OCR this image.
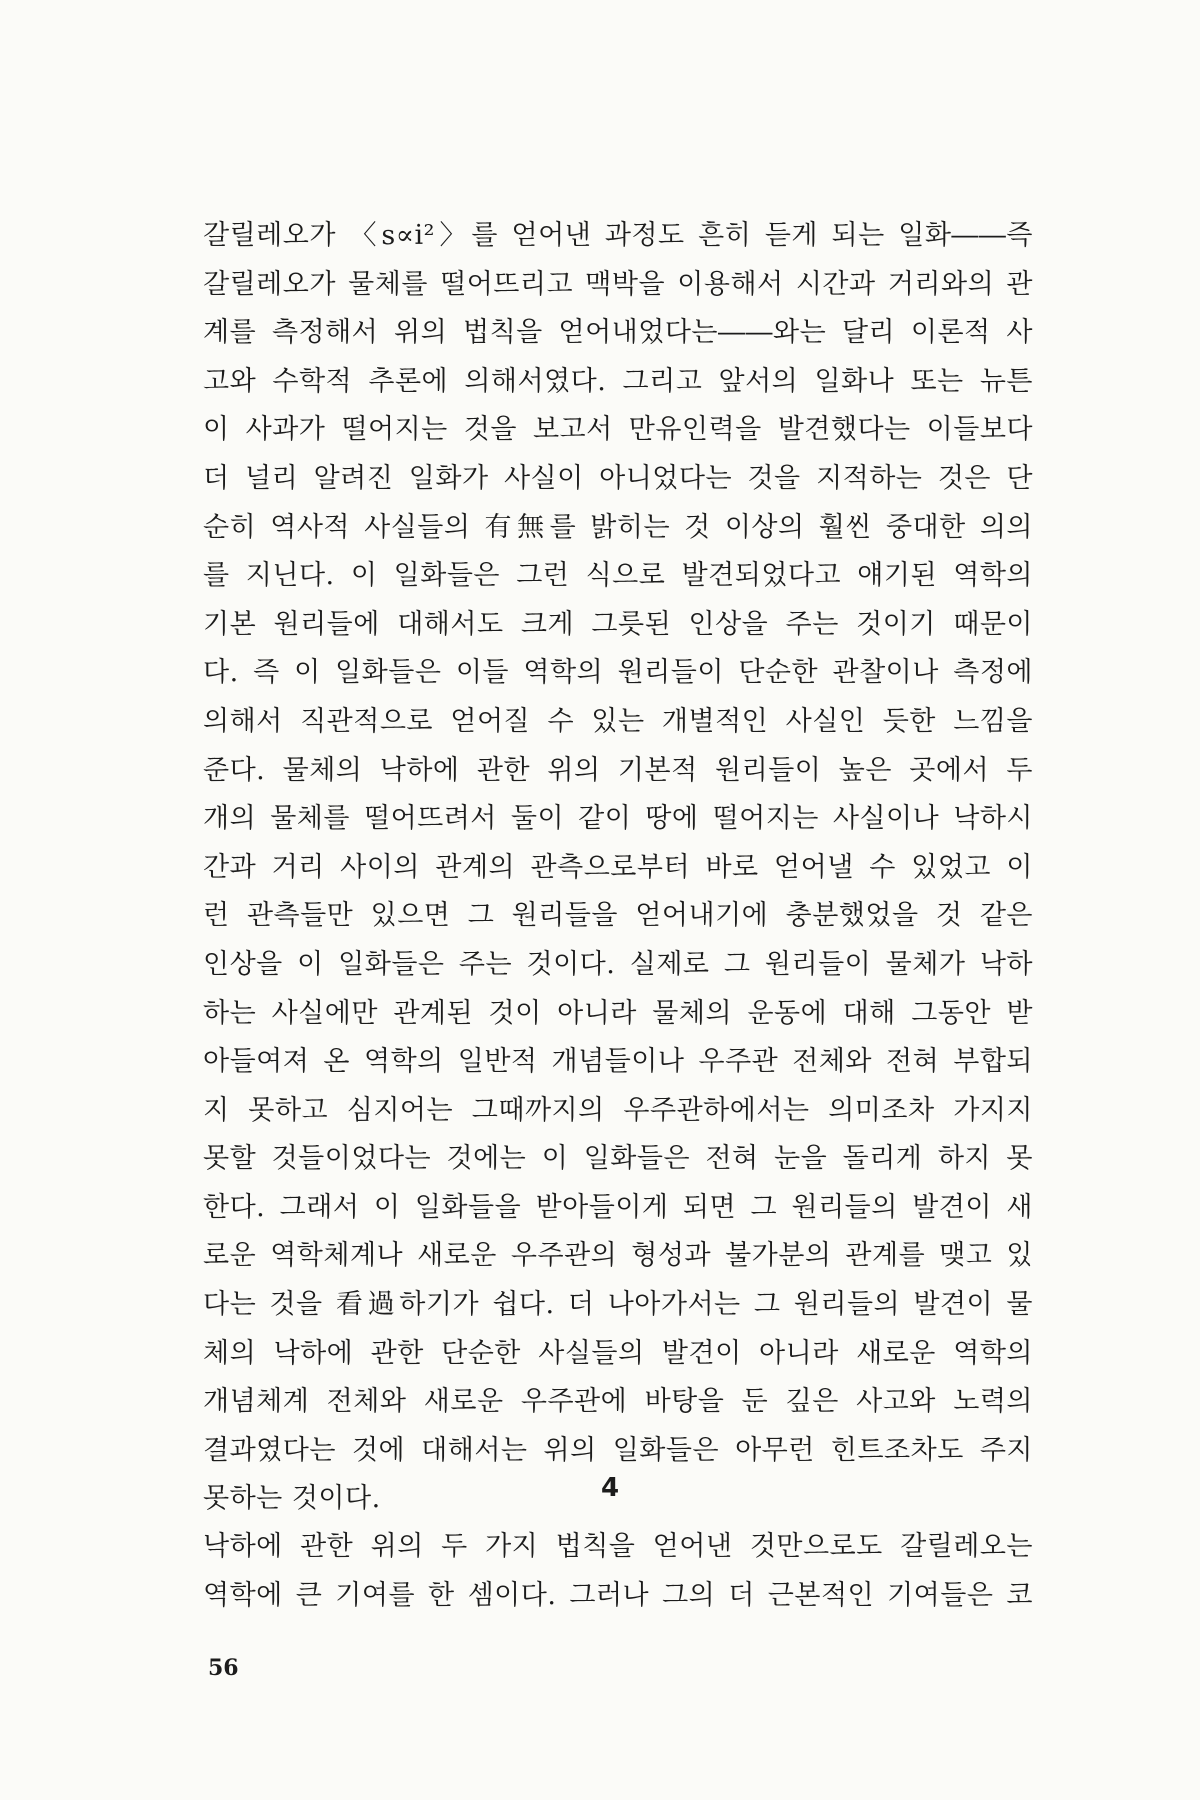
갈릴레오가 〈s∝i²〉를 얻어낸 과정도 흔히 듣게 되는 일화――즉
갈릴레오가 물체를 떨어뜨리고 맥박을 이용해서 시간과 거리와의 관
계를 측정해서 위의 법칙을 얻어내었다는――와는 달리 이론적 사
고와 수학적 추론에 의해서였다. 그리고 앞서의 일화나 또는 뉴튼
이 사과가 떨어지는 것을 보고서 만유인력을 발견했다는 이들보다
더 널리 알려진 일화가 사실이 아니었다는 것을 지적하는 것은 단
순히 역사적 사실들의 有無를 밝히는 것 이상의 훨씬 중대한 의의
를 지닌다. 이 일화들은 그런 식으로 발견되었다고 얘기된 역학의
기본 원리들에 대해서도 크게 그릇된 인상을 주는 것이기 때문이
다. 즉 이 일화들은 이들 역학의 원리들이 단순한 관찰이나 측정에
의해서 직관적으로 얻어질 수 있는 개별적인 사실인 듯한 느낌을
준다. 물체의 낙하에 관한 위의 기본적 원리들이 높은 곳에서 두
개의 물체를 떨어뜨려서 둘이 같이 땅에 떨어지는 사실이나 낙하시
간과 거리 사이의 관계의 관측으로부터 바로 얻어낼 수 있었고 이
런 관측들만 있으면 그 원리들을 얻어내기에 충분했었을 것 같은
인상을 이 일화들은 주는 것이다. 실제로 그 원리들이 물체가 낙하
하는 사실에만 관계된 것이 아니라 물체의 운동에 대해 그동안 받
아들여져 온 역학의 일반적 개념들이나 우주관 전체와 전혀 부합되
지 못하고 심지어는 그때까지의 우주관하에서는 의미조차 가지지
못할 것들이었다는 것에는 이 일화들은 전혀 눈을 돌리게 하지 못
한다. 그래서 이 일화들을 받아들이게 되면 그 원리들의 발견이 새
로운 역학체계나 새로운 우주관의 형성과 불가분의 관계를 맺고 있
다는 것을 看過하기가 쉽다. 더 나아가서는 그 원리들의 발견이 물
체의 낙하에 관한 단순한 사실들의 발견이 아니라 새로운 역학의
개념체계 전체와 새로운 우주관에 바탕을 둔 깊은 사고와 노력의
결과였다는 것에 대해서는 위의 일화들은 아무런 힌트조차도 주지
못하는 것이다.	4
낙하에 관한 위의 두 가지 법칙을 얻어낸 것만으로도 갈릴레오는
역학에 큰 기여를 한 셈이다. 그러나 그의 더 근본적인 기여들은 코
56
